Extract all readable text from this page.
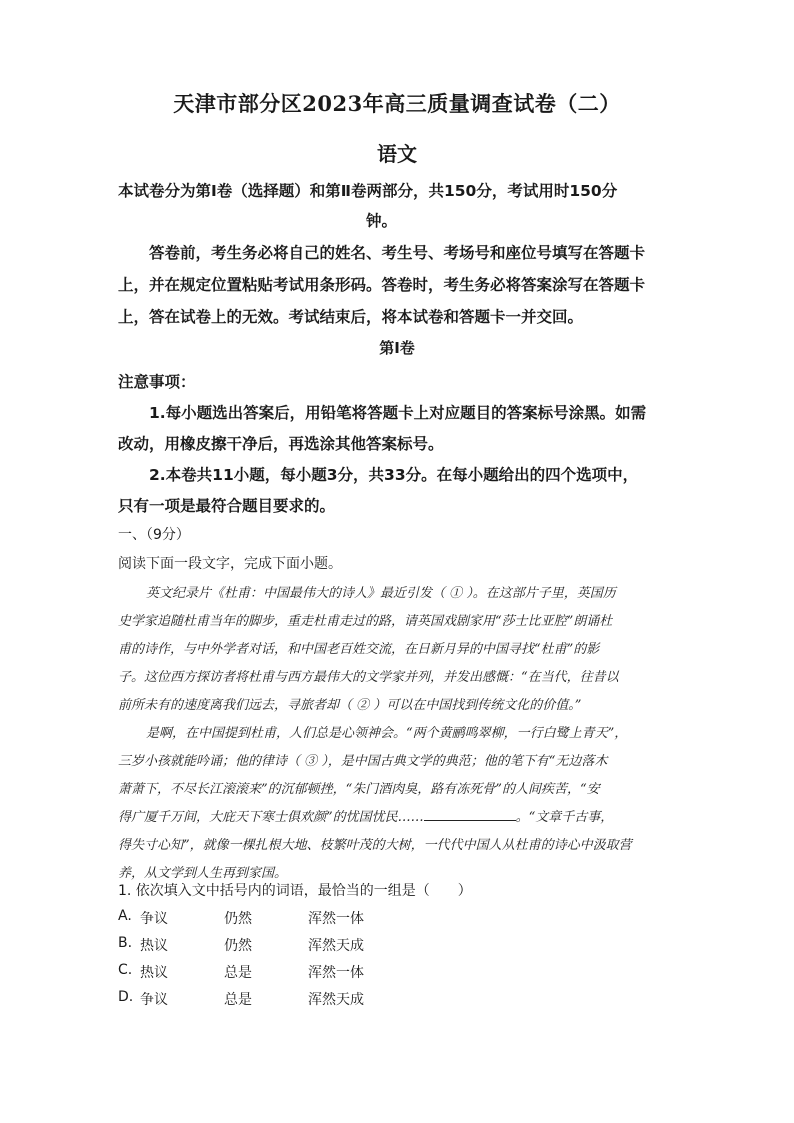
天津市部分区2023年高三质量调查试卷（二）
语文
本试卷分为第Ⅰ卷（选择题）和第Ⅱ卷两部分，共150分，考试用时150分
钟。
答卷前，考生务必将自己的姓名、考生号、考场号和座位号填写在答题卡
上，并在规定位置粘贴考试用条形码。答卷时，考生务必将答案涂写在答题卡
上，答在试卷上的无效。考试结束后，将本试卷和答题卡一并交回。
第Ⅰ卷
注意事项：
1.每小题选出答案后，用铅笔将答题卡上对应题目的答案标号涂黑。如需
改动，用橡皮擦干净后，再选涂其他答案标号。
2.本卷共11小题，每小题3分，共33分。在每小题给出的四个选项中，
只有一项是最符合题目要求的。
一、（9分）
阅读下面一段文字，完成下面小题。
英文纪录片《杜甫：中国最伟大的诗人》最近引发（ ① ）。在这部片子里，英国历
史学家追随杜甫当年的脚步，重走杜甫走过的路，请英国戏剧家用“莎士比亚腔”朗诵杜
甫的诗作，与中外学者对话，和中国老百姓交流，在日新月异的中国寻找“杜甫”的影
子。这位西方探访者将杜甫与西方最伟大的文学家并列，并发出感慨：“在当代，往昔以
前所未有的速度离我们远去，寻旅者却（ ② ）可以在中国找到传统文化的价值。”
是啊，在中国提到杜甫，人们总是心领神会。“两个黄鹂鸣翠柳，一行白鹭上青天”，
三岁小孩就能吟诵；他的律诗（ ③ ），是中国古典文学的典范；他的笔下有“无边落木
萧萧下，不尽长江滚滚来”的沉郁顿挫，“朱门酒肉臭，路有冻死骨”的人间疾苦，“安
得广厦千万间，大庇天下寒士俱欢颜”的忧国忧民……	。“文章千古事，
得失寸心知”，就像一棵扎根大地、枝繁叶茂的大树，一代代中国人从杜甫的诗心中汲取营
养，从文学到人生再到家国。
1. 依次填入文中括号内的词语，最恰当的一组是（　　）
A. 争议	仍然	浑然一体
B. 热议	仍然	浑然天成
C. 热议	总是	浑然一体
D. 争议	总是	浑然天成
